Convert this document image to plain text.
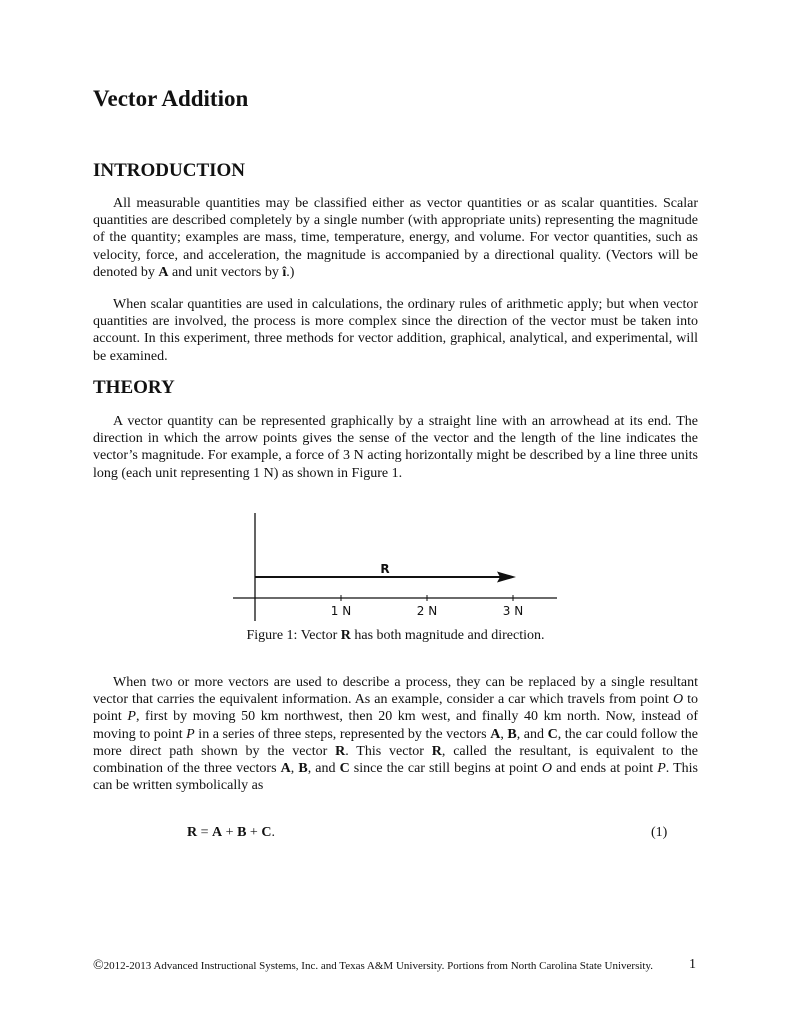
Vector Addition
INTRODUCTION

All measurable quantities may be classified either as vector quantities or as scalar quantities. Scalar quantities are described completely by a single number (with appropriate units) representing the magnitude of the quantity; examples are mass, time, temperature, energy, and volume. For vector quantities, such as velocity, force, and acceleration, the magnitude is accompanied by a directional quality. (Vectors will be denoted by A and unit vectors by î.)

When scalar quantities are used in calculations, the ordinary rules of arithmetic apply; but when vector quantities are involved, the process is more complex since the direction of the vector must be taken into account. In this experiment, three methods for vector addition, graphical, analytical, and experimental, will be examined.

THEORY

A vector quantity can be represented graphically by a straight line with an arrowhead at its end. The direction in which the arrow points gives the sense of the vector and the length of the line indicates the vector’s magnitude. For example, a force of 3 N acting horizontally might be described by a line three units long (each unit representing 1 N) as shown in Figure 1.

R
1 N	2 N	3 N

Figure 1: Vector R has both magnitude and direction.

When two or more vectors are used to describe a process, they can be replaced by a single resultant vector that carries the equivalent information. As an example, consider a car which travels from point O to point P, first by moving 50 km northwest, then 20 km west, and finally 40 km north. Now, instead of moving to point P in a series of three steps, represented by the vectors A, B, and C, the car could follow the more direct path shown by the vector R. This vector R, called the resultant, is equivalent to the combination of the three vectors A, B, and C since the car still begins at point O and ends at point P. This can be written symbolically as

R = A + B + C.	(1)
©2012-2013 Advanced Instructional Systems, Inc. and Texas A&M University. Portions from North Carolina State University.	1
